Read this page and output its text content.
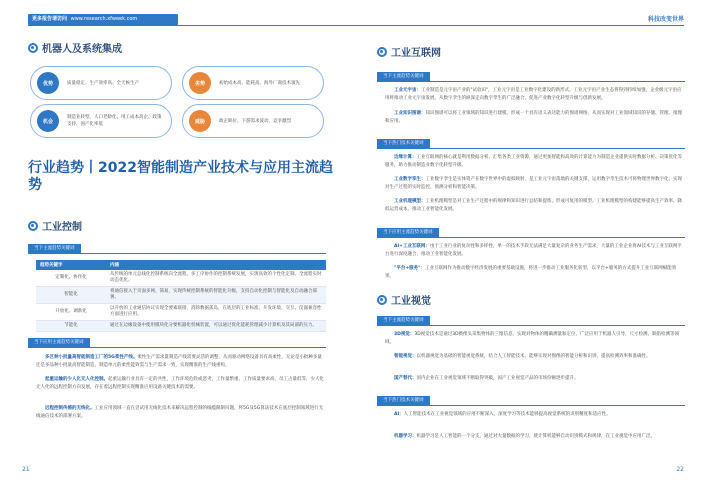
更多报告请访问 www.research.xfweek.com
机器人及系统集成
优势	质量稳定、生产效率高、全天候生产	劣势	初始成本高、能耗高、海外厂商技术领先
机会
制造业转型、人口老龄化、用工成本高企、政策支持、国产化率低	威胁	政企缺位、下游需求波动、竞争激烈
行业趋势丨2022智能制造产业技术与应用主流趋势
工业控制
当下主流趋势关键词
趋势关键字	内涵
定制化、协作化	从传统的单元总线化控制系统向全流程、多工序协作的控制系统发展，实现高效的个性化定制、全流程实时动态优化。
智能化	将通信接入于页面多网、简易，实现传统控制系统的智能化升级，支持自动化控制与智能化及自动融合部署。
开放化、调新化	以开放的工业通信协议实现全要素联接，消除数据孤岛，在底层的工业标准、开发环境、交互、仪器兼容性方面进行应用。
节能化	通过在边缘设备中使用模块化分要机器化机械装置，可以通过优化能耗管理减少计算机及其局部的压力。
当下应用主流趋势关键词
多区种小批量高智能制造工厂的5G柔性产线。柔性生产需求量制造产线需要灵活的调整，从而驱动网络设备具有高柔性，无论是小批种多量还是多品种小批量高智能制造，制造单元的柔性能效需与生产需求一致，实现精准的生产线重构。
起重运输的少人化无人化控制。起重运输行业具有一定的共性，工作环境危险或恶劣，工作量繁重、工作质量要求高、员工占量低等，少人化无人化的远程控制方向发展，存在着远程控制实现精准应用设备关键技术的需要。
远程控制传感的无线化。工业应用领域一直在尝试用无线化技术来解决远程控制的线缆限制问题，将5G及5G算法技术在底层控制领域进行无线通信技术的部署方案。
21
科技改变世界
工业互联网
当下主流趋势关键词
工业元宇宙：工业制造是元宇宙产业的"试验田"，工业元宇宙是工业数字化建设的新形式。工业元宇宙产业生态将得到持续加强，企业级元宇宙应用将推动工业元宇宙发展，从数字孪生的纵深走向数字孪生的广泛融合，促进产业数字化转型升级与创新发展。
工业知识图谱：知识图谱可以将工业领域的知识进行建模，形成一个具有语义表达能力的图谱网络，从而实现对工业领域知识的存储、管理、推理和应用。
当下热门技术关键词
边缘计算：工业互联网的核心就是利用数据分析、汇集各类工业资源，通过更加智能和高效的计算能力为制造企业提供实时数据分析、决策优化等服务，助力推动制造业数字化转型升级。
工业数字孪生：工业数字孪生是实体资产在数字世界中的虚拟映射，是工业元宇宙落地的关键支撑，运用数字孪生技术可将物理世界数字化，实现对生产过程的实时监控、预测分析和智能决策。
工业机理模型：工业机理模型是对工业生产过程中的规律和知识进行总结和提炼，形成可复用的模型。工业机理模型的构建能够提高生产效率、降低运营成本，推动工业智能化发展。
当下应用主流趋势关键词
AI+工业互联网：由于工业行业的复杂性和多样性，单一的技术手段无法满足大量复杂的业务生产需求，大量的工业企业将AI技术与工业互联网平台进行深度融合，推动工业智能化发展。
"平台+服务"：工业互联网作为推动数字经济发展的重要基础设施，将进一步推动工业服务化转型，以平台+服务的方式提升工业互联网赋能效果。
工业视觉
当下主流趋势关键词
3D视觉：3D视觉技术是通过3D摄像头采集物体的三维信息，实现对物体的精确测量和定位，广泛应用于机器人引导、尺寸检测、缺陷检测等领域。
智能视觉：以机器视觉为基础的智能视觉系统，结合人工智能技术，能够实现对图像的智能分析和识别，提高检测效率和准确性。
国产替代：国内企业在工业视觉领域不断取得突破，国产工业视觉产品的市场份额逐步提升。
当下热门技术关键词
AI：人工智能技术在工业视觉领域的应用不断深入，深度学习等技术能够提高视觉系统的识别精度和适应性。
机器学习：机器学习是人工智能的一个分支，通过对大量数据的学习，使计算机能够自动识别模式和规律，在工业视觉中应用广泛。
22
